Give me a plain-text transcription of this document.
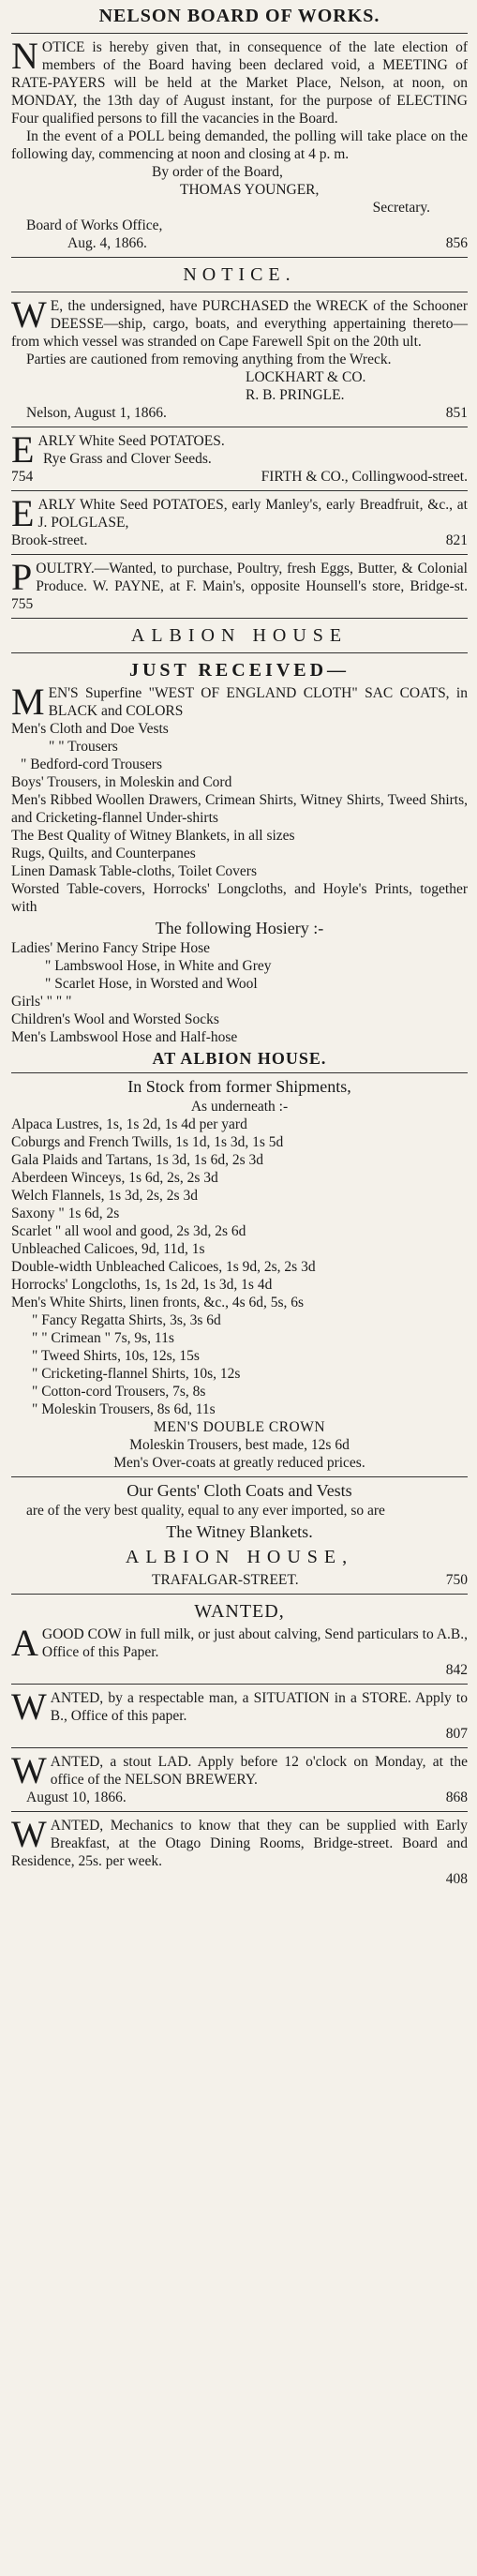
NELSON BOARD OF WORKS.

NOTICE is hereby given that, in consequence of the late election of members of the Board having been declared void, a MEETING of RATE-PAYERS will be held at the Market Place, Nelson, at noon, on MONDAY, the 13th day of August instant, for the purpose of ELECTING Four qualified persons to fill the vacancies in the Board.

In the event of a POLL being demanded, the polling will take place on the following day, commencing at noon and closing at 4 p. m.

By order of the Board,
THOMAS YOUNGER,
Secretary.
Board of Works Office,
Aug. 4, 1866.	856
NOTICE.

W E, the undersigned, have PURCHASED the WRECK of the Schooner DEESSE—ship, cargo, boats, and everything appertaining thereto—from which vessel was stranded on Cape Farewell Spit on the 20th ult.

Parties are cautioned from removing anything from the Wreck.

LOCKHART & CO.
R. B. PRINGLE.
Nelson, August 1, 1866.	851

EARLY White Seed POTATOES.

Rye Grass and Clover Seeds.
754	FIRTH & CO., Collingwood-street.

EARLY White Seed POTATOES, early Manley's, early Breadfruit, &c., at J. POLGLASE,

Brook-street.	821

POULTRY.—Wanted, to purchase, Poultry, fresh Eggs, Butter, & Colonial Produce. W. PAYNE, at F. Main's, opposite Hounsell's store, Bridge-st. 755

ALBION HOUSE
JUST RECEIVED—

MEN'S Superfine "WEST OF ENGLAND CLOTH" SAC COATS, in BLACK and COLORS

Men's Cloth and Doe Vests

" " Trousers

" Bedford-cord Trousers

Boys' Trousers, in Moleskin and Cord

Men's Ribbed Woollen Drawers, Crimean Shirts, Witney Shirts, Tweed Shirts, and Cricketing-flannel Under-shirts

The Best Quality of Witney Blankets, in all sizes

Rugs, Quilts, and Counterpanes

Linen Damask Table-cloths, Toilet Covers

Worsted Table-covers, Horrocks' Longcloths, and Hoyle's Prints, together with

The following Hosiery :-

Ladies' Merino Fancy Stripe Hose

" Lambswool Hose, in White and Grey

" Scarlet Hose, in Worsted and Wool

Girls' " " "

Children's Wool and Worsted Socks

Men's Lambswool Hose and Half-hose

AT ALBION HOUSE.
In Stock from former Shipments,
As underneath :-

Alpaca Lustres, 1s, 1s 2d, 1s 4d per yard

Coburgs and French Twills, 1s 1d, 1s 3d, 1s 5d

Gala Plaids and Tartans, 1s 3d, 1s 6d, 2s 3d

Aberdeen Winceys, 1s 6d, 2s, 2s 3d

Welch Flannels, 1s 3d, 2s, 2s 3d

Saxony " 1s 6d, 2s

Scarlet " all wool and good, 2s 3d, 2s 6d

Unbleached Calicoes, 9d, 11d, 1s

Double-width Unbleached Calicoes, 1s 9d, 2s, 2s 3d

Horrocks' Longcloths, 1s, 1s 2d, 1s 3d, 1s 4d

Men's White Shirts, linen fronts, &c., 4s 6d, 5s, 6s

" Fancy Regatta Shirts, 3s, 3s 6d

" " Crimean " 7s, 9s, 11s

" Tweed Shirts, 10s, 12s, 15s

" Cricketing-flannel Shirts, 10s, 12s

" Cotton-cord Trousers, 7s, 8s

" Moleskin Trousers, 8s 6d, 11s

MEN'S DOUBLE CROWN
Moleskin Trousers, best made, 12s 6d
Men's Over-coats at greatly reduced prices.
Our Gents' Cloth Coats and Vests

are of the very best quality, equal to any ever imported, so are

The Witney Blankets.
ALBION HOUSE,
TRAFALGAR-STREET.	750
WANTED,

AGOOD COW in full milk, or just about calving, Send particulars to A.B., Office of this Paper.

842

WANTED, by a respectable man, a SITUATION in a STORE. Apply to B., Office of this paper.

807

WANTED, a stout LAD. Apply before 12 o'clock on Monday, at the office of the NELSON BREWERY.

August 10, 1866.	868

WANTED, Mechanics to know that they can be supplied with Early Breakfast, at the Otago Dining Rooms, Bridge-street. Board and Residence, 25s. per week.

408
